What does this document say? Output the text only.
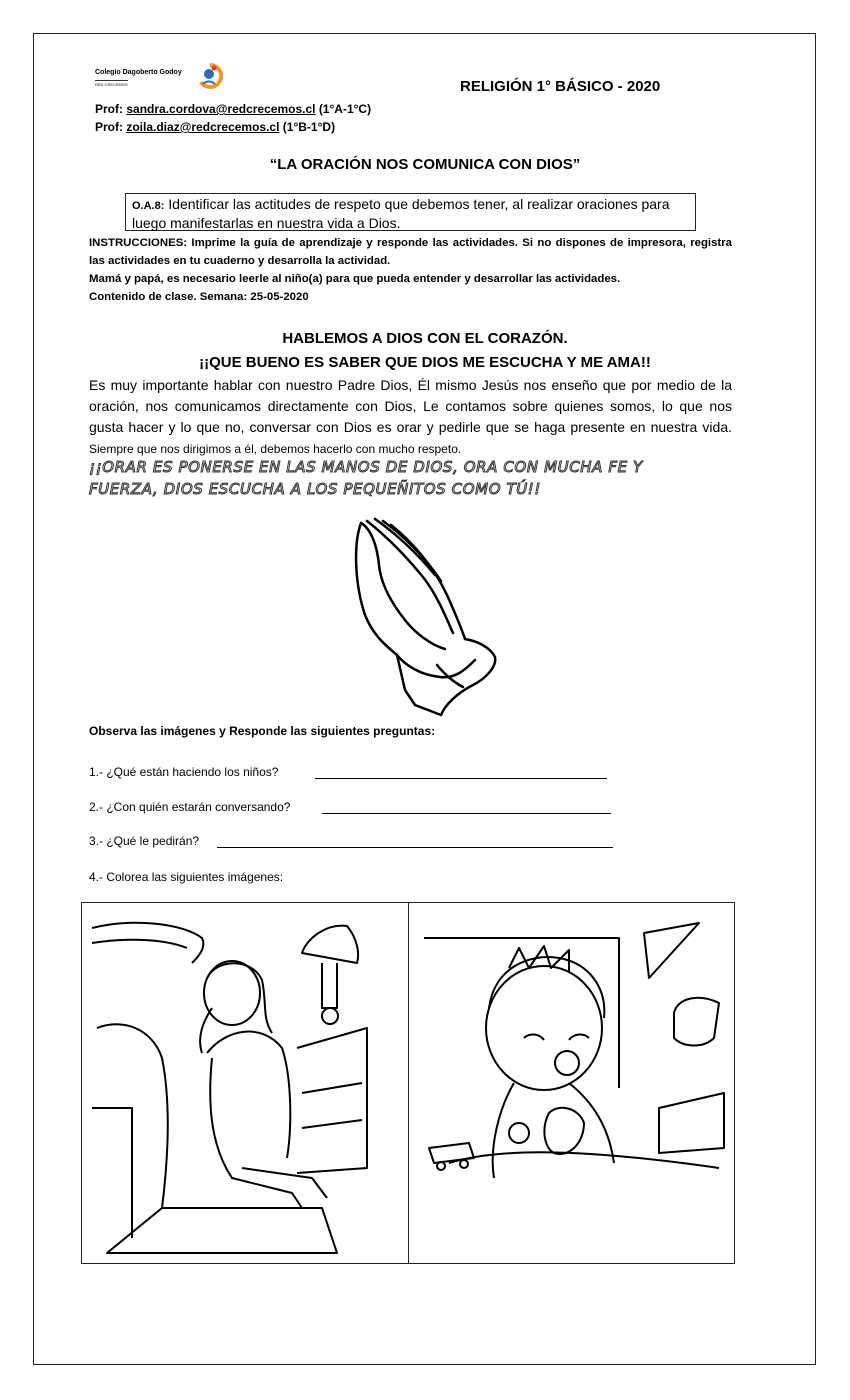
Colegio Dagoberto Godoy
RED CRECEMOS	RELIGIÓN 1° BÁSICO - 2020
Prof: sandra.cordova@redcrecemos.cl (1°A-1°C)
Prof: zoila.diaz@redcrecemos.cl (1°B-1°D)
“LA ORACIÓN NOS COMUNICA CON DIOS”
O.A.8: Identificar las actitudes de respeto que debemos tener, al realizar oraciones para luego manifestarlas en nuestra vida a Dios.

INSTRUCCIONES: Imprime la guía de aprendizaje y responde las actividades. Si no dispones de impresora, registra las actividades en tu cuaderno y desarrolla la actividad.

Mamá y papá, es necesario leerle al niño(a) para que pueda entender y desarrollar las actividades.

Contenido de clase. Semana: 25-05-2020

HABLEMOS A DIOS CON EL CORAZÓN.
¡¡QUE BUENO ES SABER QUE DIOS ME ESCUCHA Y ME AMA!!
Es muy importante hablar con nuestro Padre Dios, Él mismo Jesús nos enseño que por medio de la oración, nos comunicamos directamente con Dios, Le contamos sobre quienes somos, lo que nos gusta hacer y lo que no, conversar con Dios es orar y pedirle que se haga presente en nuestra vida. Siempre que nos dirigimos a él, debemos hacerlo con mucho respeto.
¡¡ORAR ES PONERSE EN LAS MANOS DE DIOS, ORA CON MUCHA FE Y
FUERZA, DIOS ESCUCHA A LOS PEQUEÑITOS COMO TÚ!!
Observa las imágenes y Responde las siguientes preguntas:
1.- ¿Qué están haciendo los niños?
2.- ¿Con quién estarán conversando?
3.- ¿Qué le pedirán?
4.- Colorea las siguientes imágenes:
